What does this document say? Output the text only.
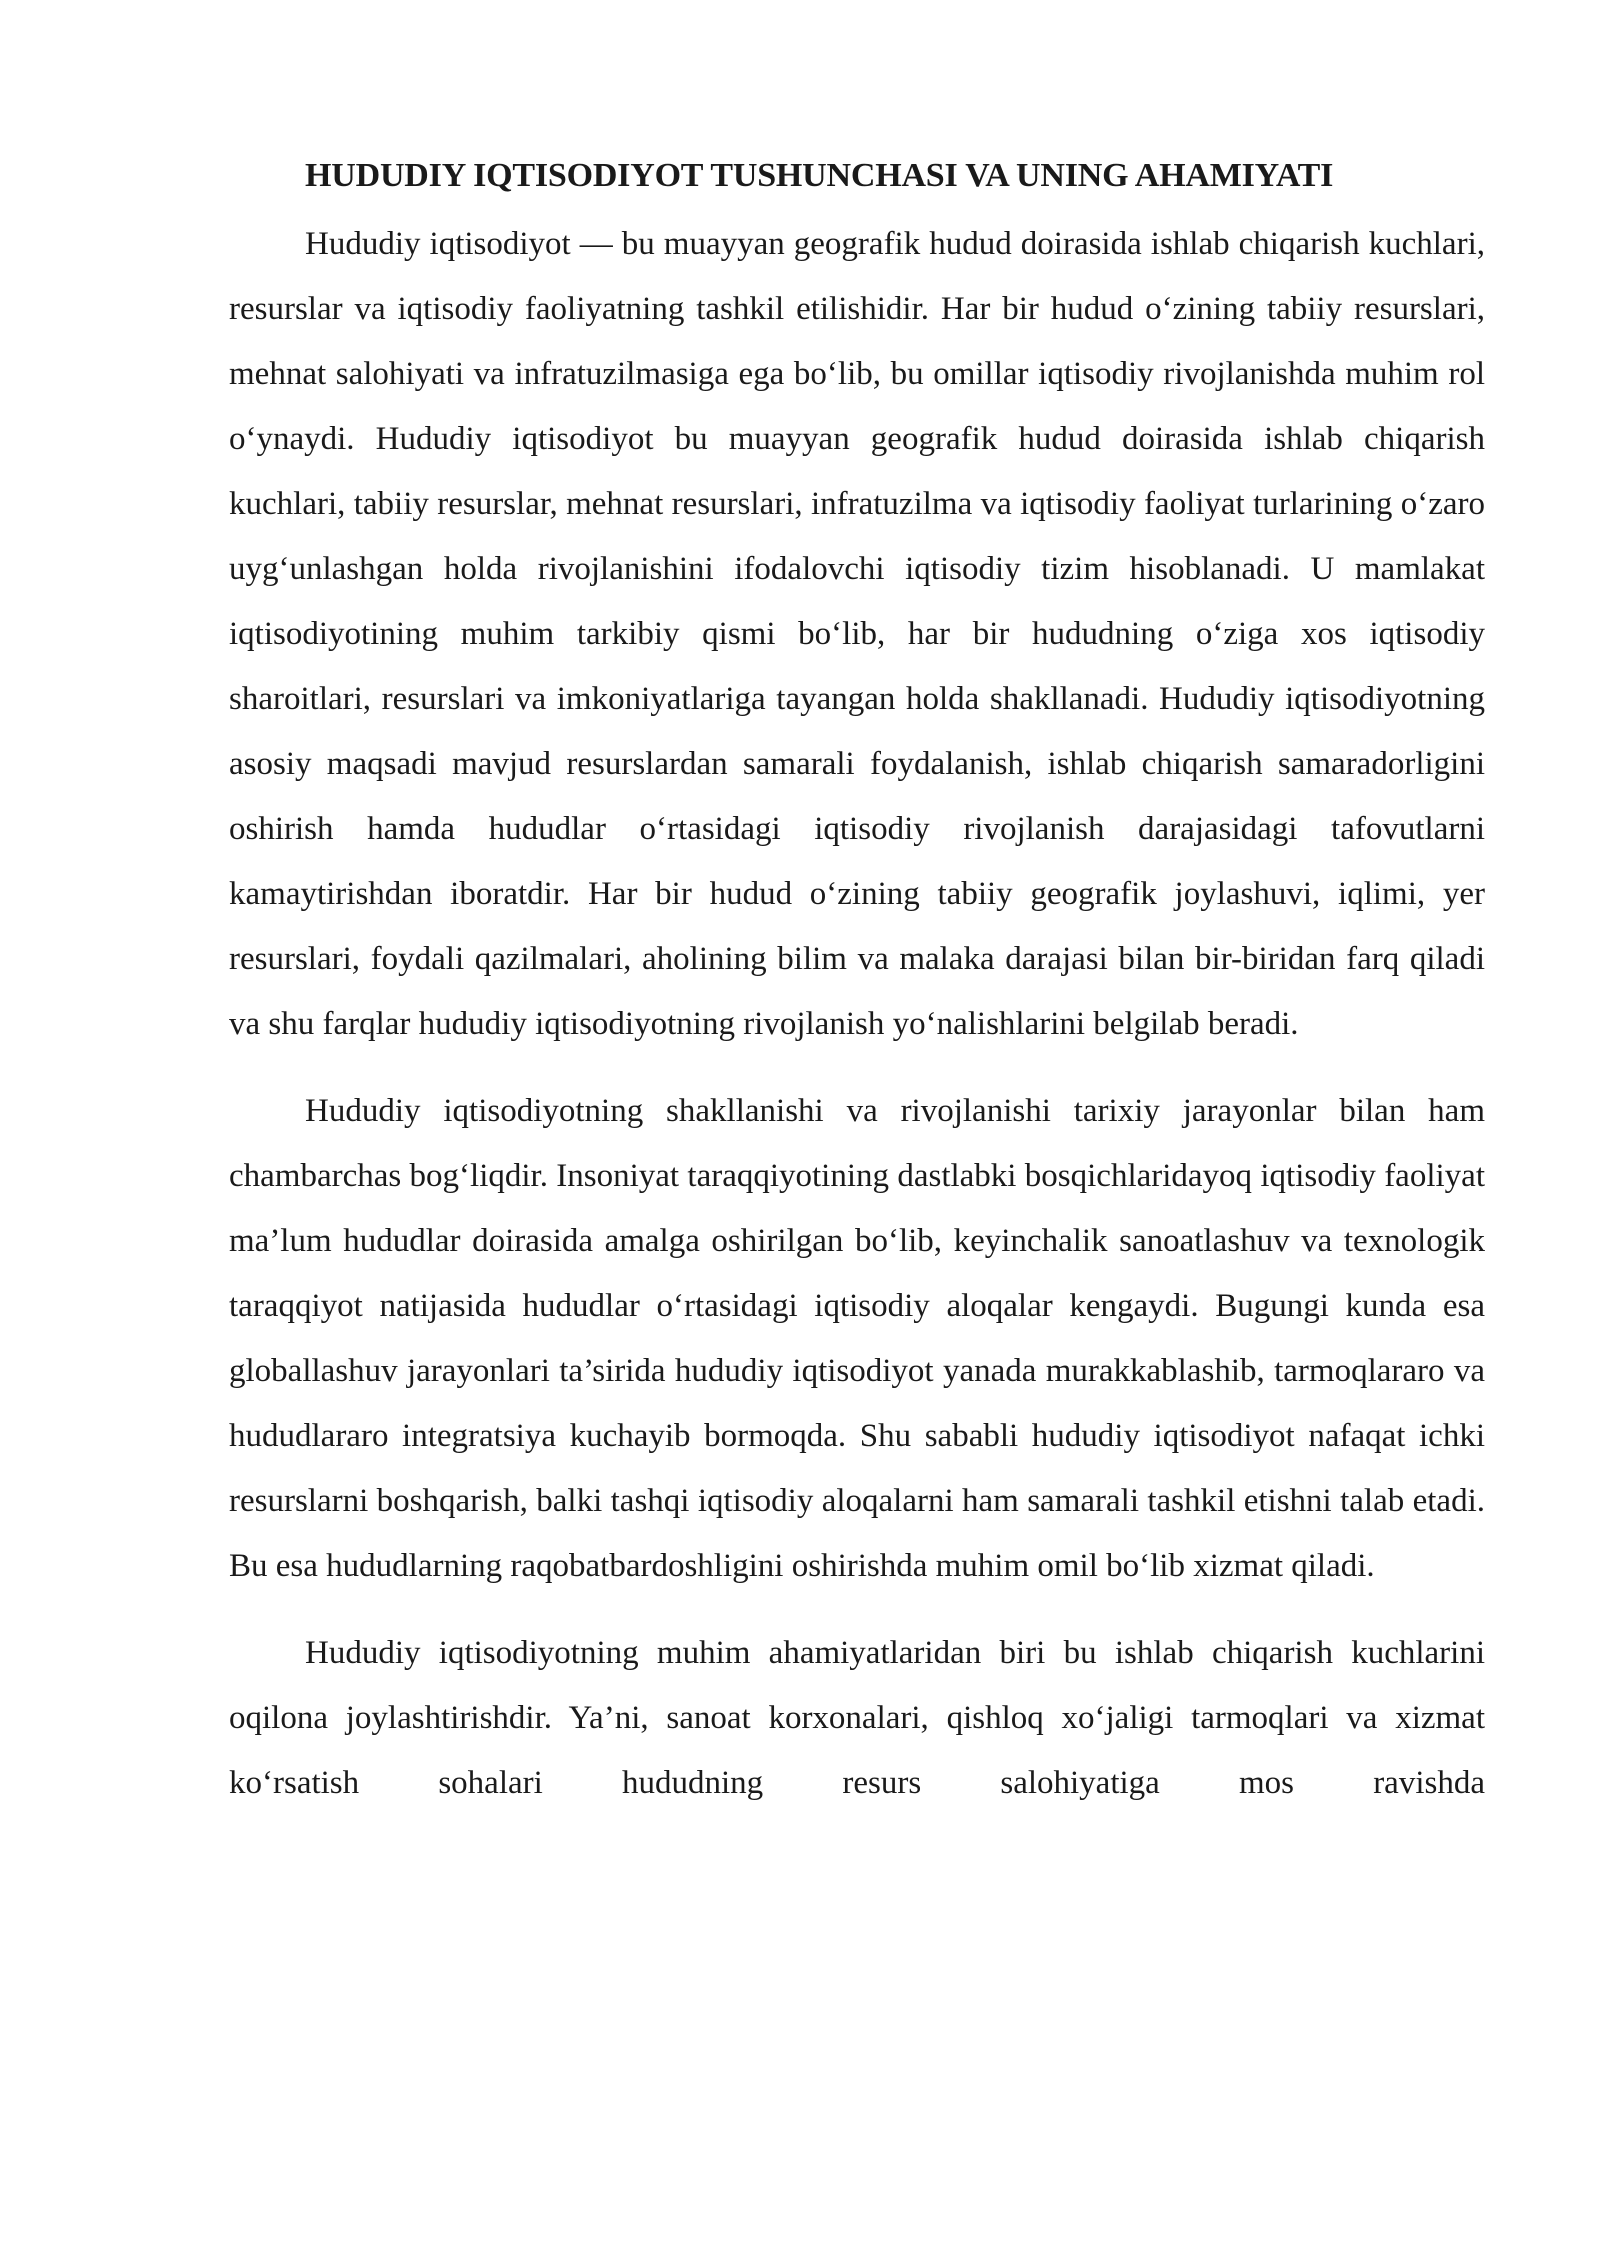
HUDUDIY IQTISODIYOT TUSHUNCHASI VA UNING AHAMIYATI

Hududiy iqtisodiyot — bu muayyan geografik hudud doirasida ishlab chiqarish kuchlari, resurslar va iqtisodiy faoliyatning tashkil etilishidir. Har bir hudud o‘zining tabiiy resurslari, mehnat salohiyati va infratuzilmasiga ega bo‘lib, bu omillar iqtisodiy rivojlanishda muhim rol o‘ynaydi. Hududiy iqtisodiyot bu muayyan geografik hudud doirasida ishlab chiqarish kuchlari, tabiiy resurslar, mehnat resurslari, infratuzilma va iqtisodiy faoliyat turlarining o‘zaro uyg‘unlashgan holda rivojlanishini ifodalovchi iqtisodiy tizim hisoblanadi. U mamlakat iqtisodiyotining muhim tarkibiy qismi bo‘lib, har bir hududning o‘ziga xos iqtisodiy sharoitlari, resurslari va imkoniyatlariga tayangan holda shakllanadi. Hududiy iqtisodiyotning asosiy maqsadi mavjud resurslardan samarali foydalanish, ishlab chiqarish samaradorligini oshirish hamda hududlar o‘rtasidagi iqtisodiy rivojlanish darajasidagi tafovutlarni kamaytirishdan iboratdir. Har bir hudud o‘zining tabiiy geografik joylashuvi, iqlimi, yer resurslari, foydali qazilmalari, aholining bilim va malaka darajasi bilan bir-biridan farq qiladi va shu farqlar hududiy iqtisodiyotning rivojlanish yo‘nalishlarini belgilab beradi.

Hududiy iqtisodiyotning shakllanishi va rivojlanishi tarixiy jarayonlar bilan ham chambarchas bog‘liqdir. Insoniyat taraqqiyotining dastlabki bosqichlaridayoq iqtisodiy faoliyat ma’lum hududlar doirasida amalga oshirilgan bo‘lib, keyinchalik sanoatlashuv va texnologik taraqqiyot natijasida hududlar o‘rtasidagi iqtisodiy aloqalar kengaydi. Bugungi kunda esa globallashuv jarayonlari ta’sirida hududiy iqtisodiyot yanada murakkablashib, tarmoqlararo va hududlararo integratsiya kuchayib bormoqda. Shu sababli hududiy iqtisodiyot nafaqat ichki resurslarni boshqarish, balki tashqi iqtisodiy aloqalarni ham samarali tashkil etishni talab etadi. Bu esa hududlarning raqobatbardoshligini oshirishda muhim omil bo‘lib xizmat qiladi.

Hududiy iqtisodiyotning muhim ahamiyatlaridan biri bu ishlab chiqarish kuchlarini oqilona joylashtirishdir. Ya’ni, sanoat korxonalari, qishloq xo‘jaligi tarmoqlari va xizmat ko‘rsatish sohalari hududning resurs salohiyatiga mos ravishda
